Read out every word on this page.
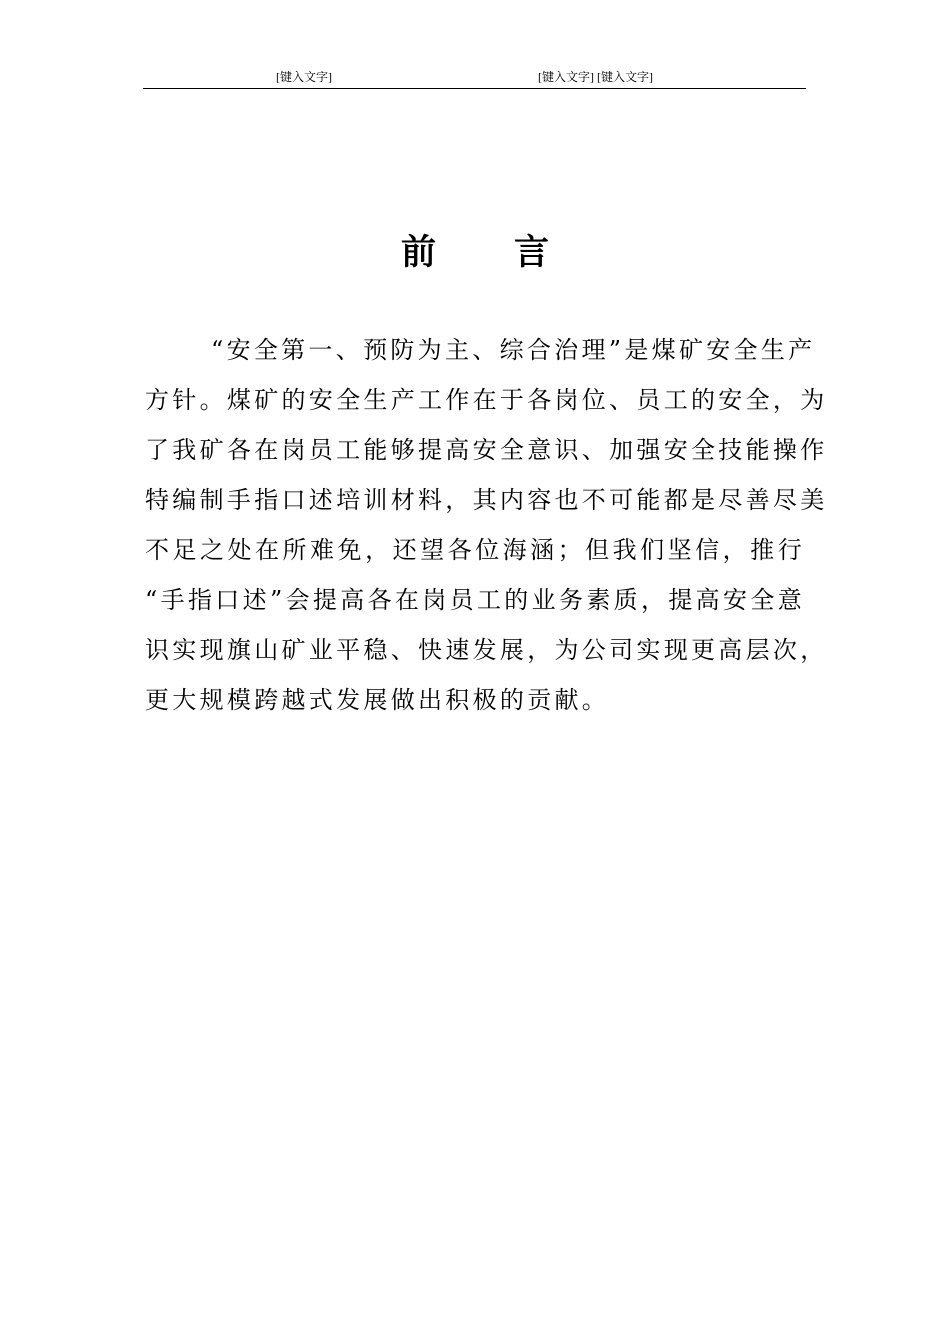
[键入文字]	[键入文字] [键入文字]
前言
“安全第一、预防为主、综合治理”是煤矿安全生产
方针。煤矿的安全生产工作在于各岗位、员工的安全，为
了我矿各在岗员工能够提高安全意识、加强安全技能操作
特编制手指口述培训材料，其内容也不可能都是尽善尽美
不足之处在所难免，还望各位海涵；但我们坚信，推行
“手指口述”会提高各在岗员工的业务素质，提高安全意
识实现旗山矿业平稳、快速发展，为公司实现更高层次，
更大规模跨越式发展做出积极的贡献。
